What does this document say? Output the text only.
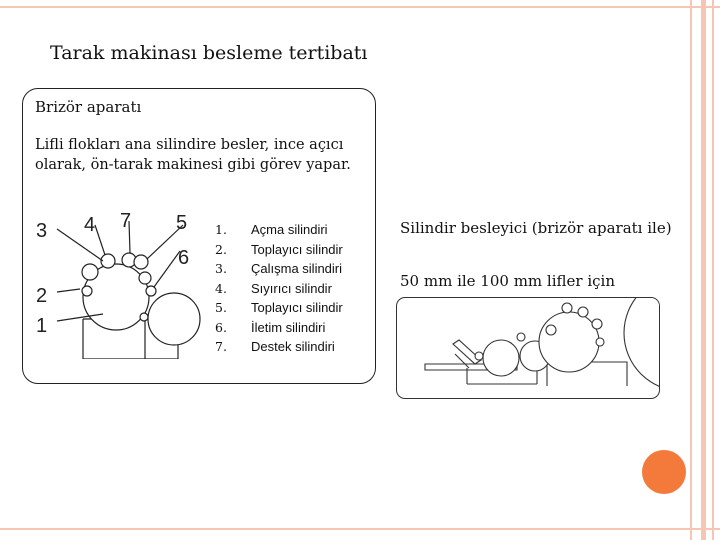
Tarak makinası besleme tertibatı
Brizör aparatı
Lifli flokları ana silindire besler, ince açıcı olarak, ön-tarak makinesi gibi görev yapar.
3 4 7 5
6
2
1
1.	Açma silindiri
2.	Toplayıcı silindir
3.	Çalışma silindiri
4.	Sıyırıcı silindir
5.	Toplayıcı silindir
6.	İletim silindiri
7.	Destek silindiri
Silindir besleyici (brizör aparatı ile)
50 mm ile 100 mm lifler için
